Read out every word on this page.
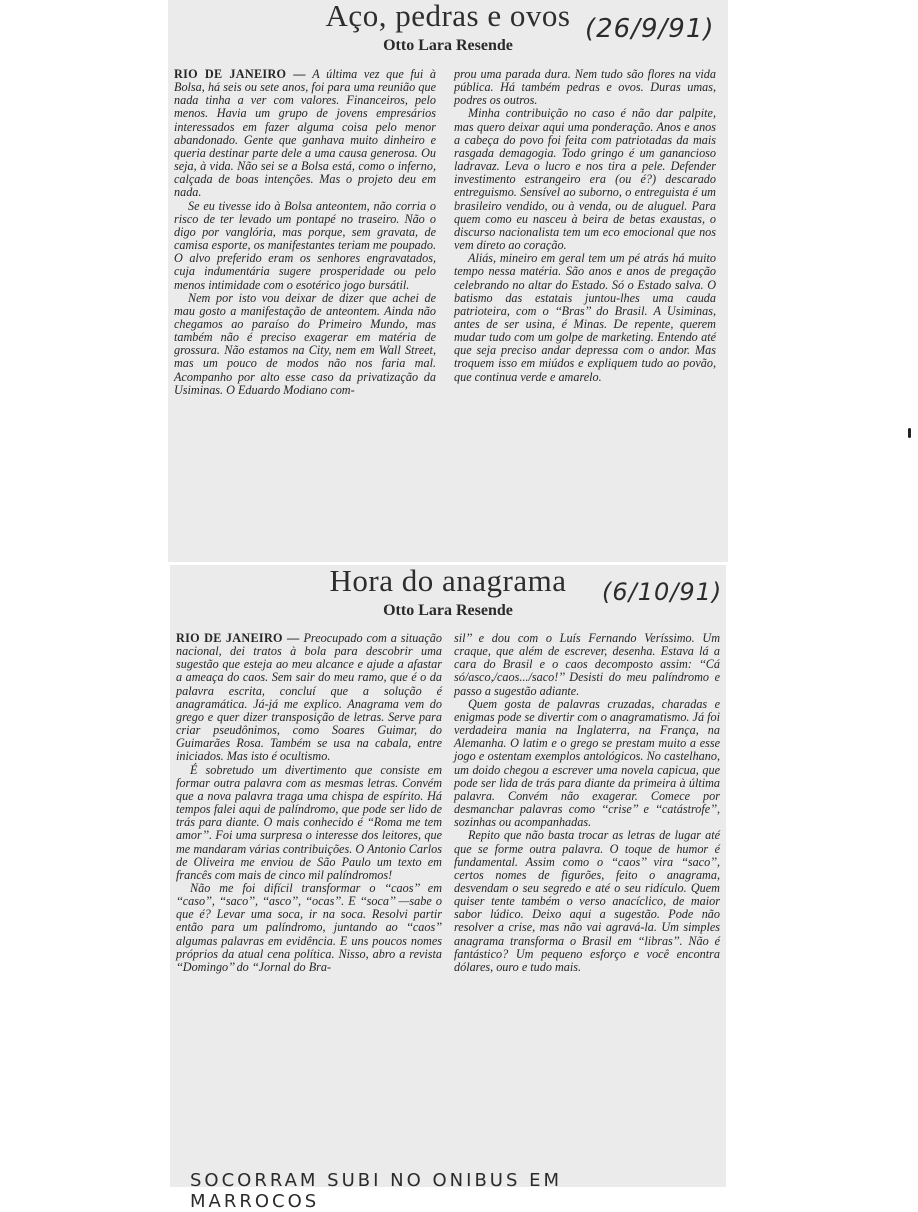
Aço, pedras e ovos (26/9/91)
Otto Lara Resende

RIO DE JANEIRO — A última vez que fui à Bolsa, há seis ou sete anos, foi para uma reunião que nada tinha a ver com valores. Financeiros, pelo menos. Havia um grupo de jovens empresários interessados em fazer alguma coisa pelo menor abandonado. Gente que ganhava muito dinheiro e queria destinar parte dele a uma causa generosa. Ou seja, à vida. Não sei se a Bolsa está, como o inferno, calçada de boas intenções. Mas o projeto deu em nada.

Se eu tivesse ido à Bolsa anteontem, não corria o risco de ter levado um pontapé no traseiro. Não o digo por vanglória, mas porque, sem gravata, de camisa esporte, os manifestantes teriam me poupado. O alvo preferido eram os senhores engravatados, cuja indumentária sugere prosperidade ou pelo menos intimidade com o esotérico jogo bursátil.

Nem por isto vou deixar de dizer que achei de mau gosto a manifestação de anteontem. Ainda não chegamos ao paraíso do Primeiro Mundo, mas também não é preciso exagerar em matéria de grossura. Não estamos na City, nem em Wall Street, mas um pouco de modos não nos faria mal. Acompanho por alto esse caso da privatização da Usiminas. O Eduardo Modiano com-

prou uma parada dura. Nem tudo são flores na vida pública. Há também pedras e ovos. Duras umas, podres os outros.

Minha contribuição no caso é não dar palpite, mas quero deixar aqui uma ponderação. Anos e anos a cabeça do povo foi feita com patriotadas da mais rasgada demagogia. Todo gringo é um ganancioso ladravaz. Leva o lucro e nos tira a pele. Defender investimento estrangeiro era (ou é?) descarado entreguismo. Sensível ao suborno, o entreguista é um brasileiro vendido, ou à venda, ou de aluguel. Para quem como eu nasceu à beira de betas exaustas, o discurso nacionalista tem um eco emocional que nos vem direto ao coração.

Aliás, mineiro em geral tem um pé atrás há muito tempo nessa matéria. São anos e anos de pregação celebrando no altar do Estado. Só o Estado salva. O batismo das estatais juntou-lhes uma cauda patrioteira, com o ‘‘Bras’’ do Brasil. A Usiminas, antes de ser usina, é Minas. De repente, querem mudar tudo com um golpe de marketing. Entendo até que seja preciso andar depressa com o andor. Mas troquem isso em miúdos e expliquem tudo ao povão, que continua verde e amarelo.

Hora do anagrama	(6/10/91)
Otto Lara Resende

RIO DE JANEIRO — Preocupado com a situação nacional, dei tratos à bola para descobrir uma sugestão que esteja ao meu alcance e ajude a afastar a ameaça do caos. Sem sair do meu ramo, que é o da palavra escrita, concluí que a solução é anagramática. Já-já me explico. Anagrama vem do grego e quer dizer transposição de letras. Serve para criar pseudônimos, como Soares Guimar, do Guimarães Rosa. Também se usa na cabala, entre iniciados. Mas isto é ocultismo.

É sobretudo um divertimento que consiste em formar outra palavra com as mesmas letras. Convém que a nova palavra traga uma chispa de espírito. Há tempos falei aqui de palíndromo, que pode ser lido de trás para diante. O mais conhecido é ‘‘Roma me tem amor’’. Foi uma surpresa o interesse dos leitores, que me mandaram várias contribuições. O Antonio Carlos de Oliveira me enviou de São Paulo um texto em francês com mais de cinco mil palíndromos!

Não me foi difícil transformar o ‘‘caos’’ em ‘‘caso’’, ‘‘saco’’, ‘‘asco’’, ‘‘ocas’’. E ‘‘soca’’ —sabe o que é? Levar uma soca, ir na soca. Resolvi partir então para um palíndromo, juntando ao ‘‘caos’’ algumas palavras em evidência. E uns poucos nomes próprios da atual cena política. Nisso, abro a revista ‘‘Domingo’’ do ‘‘Jornal do Bra-

sil’’ e dou com o Luís Fernando Veríssimo. Um craque, que além de escrever, desenha. Estava lá a cara do Brasil e o caos decomposto assim: ‘‘Cá só/asco,/caos.../saco!’’ Desisti do meu palíndromo e passo a sugestão adiante.

Quem gosta de palavras cruzadas, charadas e enigmas pode se divertir com o anagramatismo. Já foi verdadeira mania na Inglaterra, na França, na Alemanha. O latim e o grego se prestam muito a esse jogo e ostentam exemplos antológicos. No castelhano, um doido chegou a escrever uma novela capicua, que pode ser lida de trás para diante da primeira à última palavra. Convém não exagerar. Comece por desmanchar palavras como ‘‘crise’’ e ‘‘catástrofe’’, sozinhas ou acompanhadas.

Repito que não basta trocar as letras de lugar até que se forme outra palavra. O toque de humor é fundamental. Assim como o ‘‘caos’’ vira ‘‘saco’’, certos nomes de figurões, feito o anagrama, desvendam o seu segredo e até o seu ridículo. Quem quiser tente também o verso anacíclico, de maior sabor lúdico. Deixo aqui a sugestão. Pode não resolver a crise, mas não vai agravá-la. Um simples anagrama transforma o Brasil em ‘‘libras’’. Não é fantástico? Um pequeno esforço e você encontra dólares, ouro e tudo mais.

SOCORRAM SUBI NO ONIBUS EM MARROCOS
